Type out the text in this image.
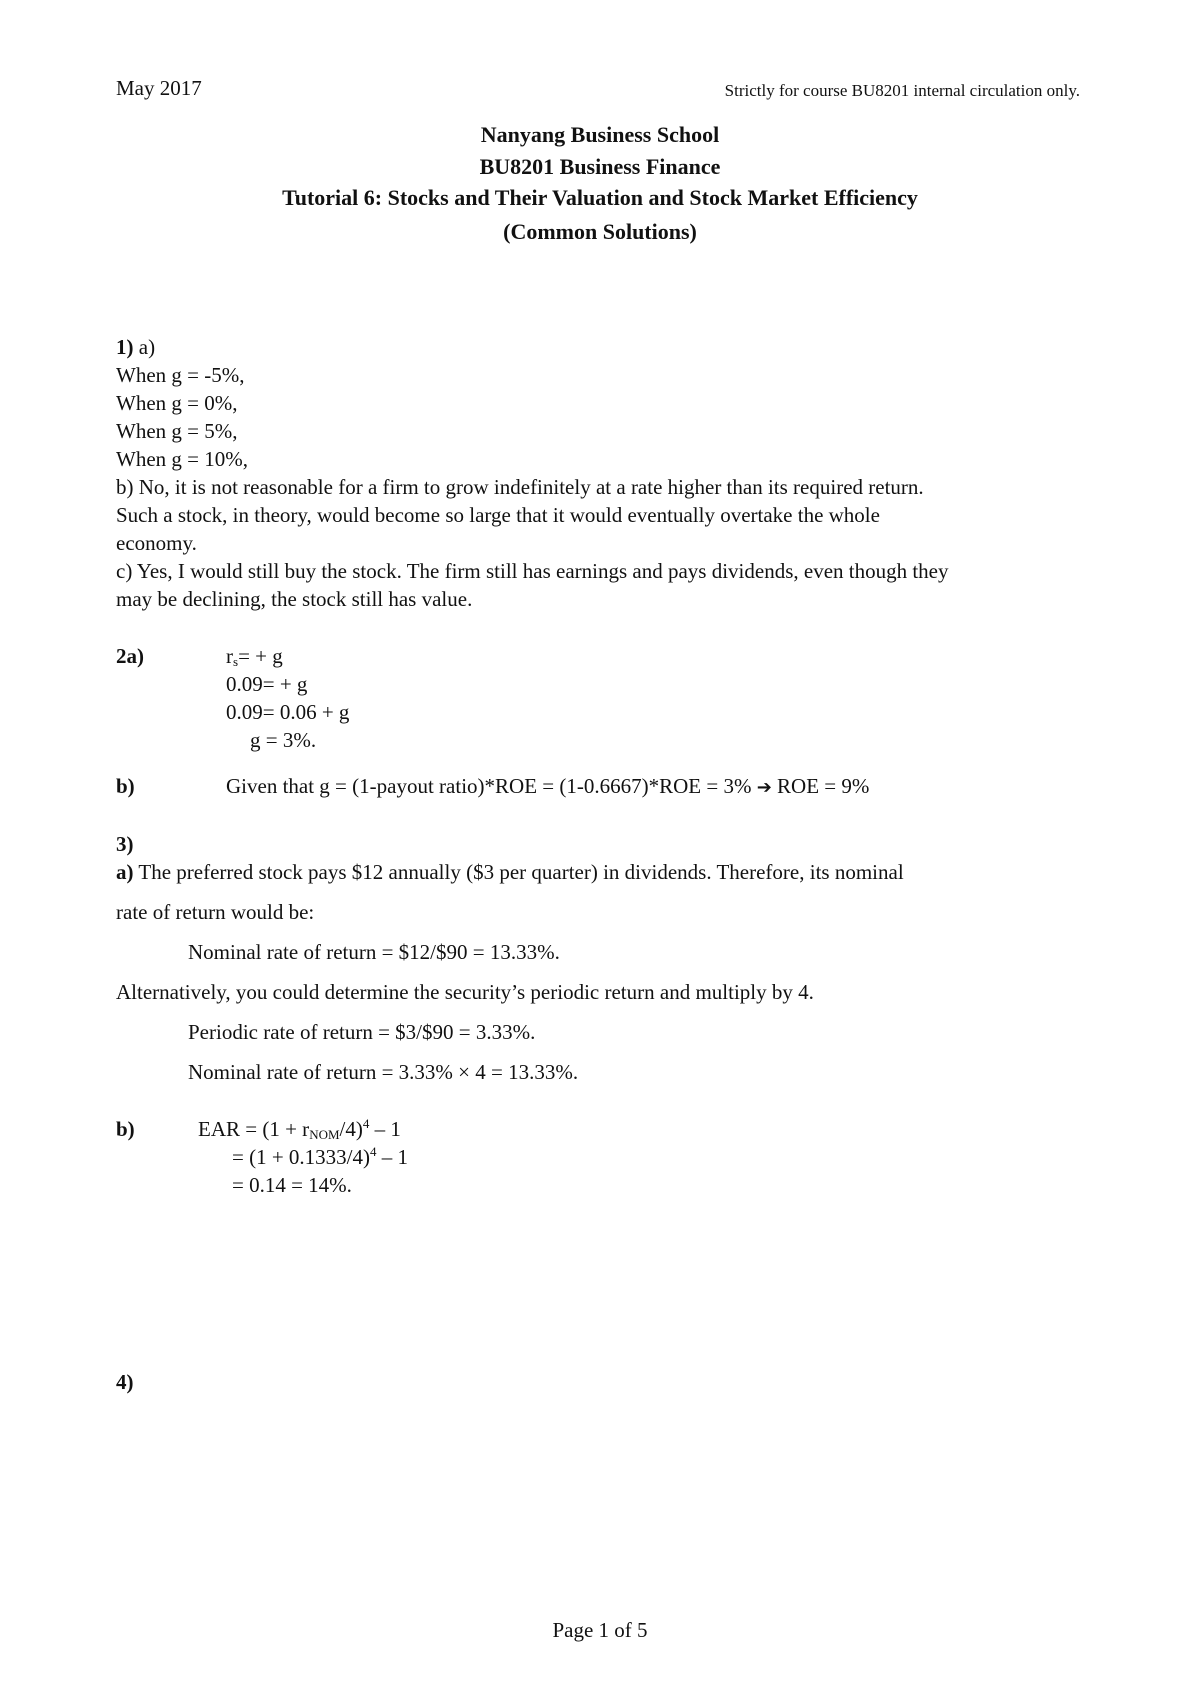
May 2017	Strictly for course BU8201 internal circulation only.
Nanyang Business School
BU8201 Business Finance
Tutorial 6: Stocks and Their Valuation and Stock Market Efficiency
(Common Solutions)
1) a)
When g = -5%,
When g = 0%,
When g = 5%,
When g = 10%,
b) No, it is not reasonable for a firm to grow indefinitely at a rate higher than its required return.
Such a stock, in theory, would become so large that it would eventually overtake the whole
economy.
c) Yes, I would still buy the stock. The firm still has earnings and pays dividends, even though they
may be declining, the stock still has value.
2a)	$r_s= + g$
0.09= + g
0.09= 0.06 + g
g = 3%.
b)	Given that g = (1-payout ratio)*ROE = (1-0.6667)*ROE = 3% ➔ ROE = 9%
3)
a) The preferred stock pays $12 annually ($3 per quarter) in dividends. Therefore, its nominal
rate of return would be:
Nominal rate of return = $12/$90 = 13.33%.
Alternatively, you could determine the security’s periodic return and multiply by 4.
Periodic rate of return = $3/$90 = 3.33%.
Nominal rate of return = 3.33% × 4 = 13.33%.
b)	EAR = $(1 + r_{NOM}/4)^4 - 1$
= $(1 + 0.1333/4)^4 - 1$
= 0.14 = 14%.
4)
Page 1 of 5
